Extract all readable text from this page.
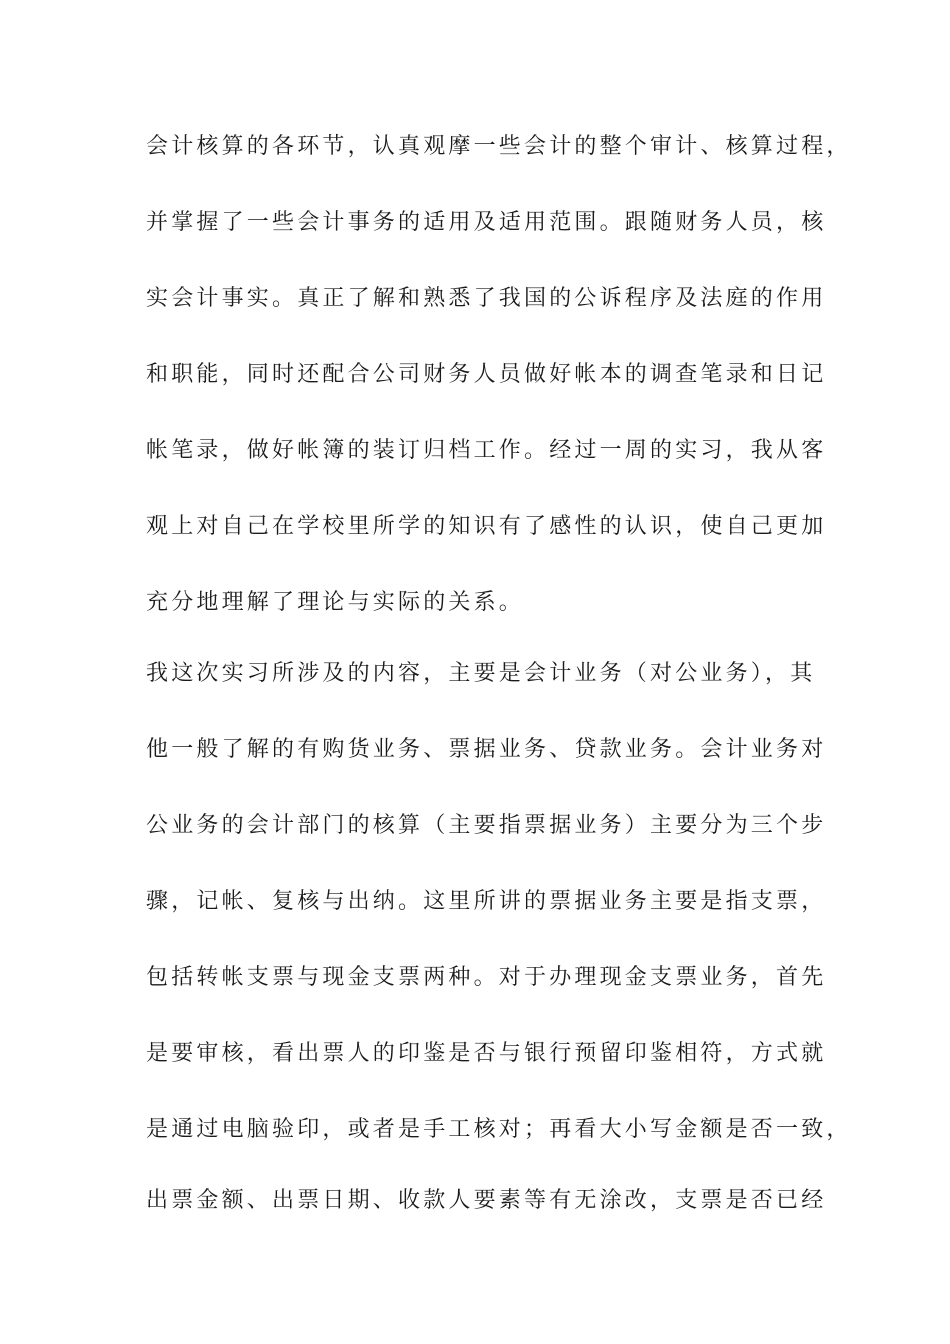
会计核算的各环节，认真观摩一些会计的整个审计、核算过程，

并掌握了一些会计事务的适用及适用范围。跟随财务人员，核

实会计事实。真正了解和熟悉了我国的公诉程序及法庭的作用

和职能，同时还配合公司财务人员做好帐本的调查笔录和日记

帐笔录，做好帐簿的装订归档工作。经过一周的实习，我从客

观上对自己在学校里所学的知识有了感性的认识，使自己更加

充分地理解了理论与实际的关系。

我这次实习所涉及的内容，主要是会计业务（对公业务），其

他一般了解的有购货业务、票据业务、贷款业务。会计业务对

公业务的会计部门的核算（主要指票据业务）主要分为三个步

骤，记帐、复核与出纳。这里所讲的票据业务主要是指支票，

包括转帐支票与现金支票两种。对于办理现金支票业务，首先

是要审核，看出票人的印鉴是否与银行预留印鉴相符，方式就

是通过电脑验印，或者是手工核对；再看大小写金额是否一致，

出票金额、出票日期、收款人要素等有无涂改，支票是否已经
